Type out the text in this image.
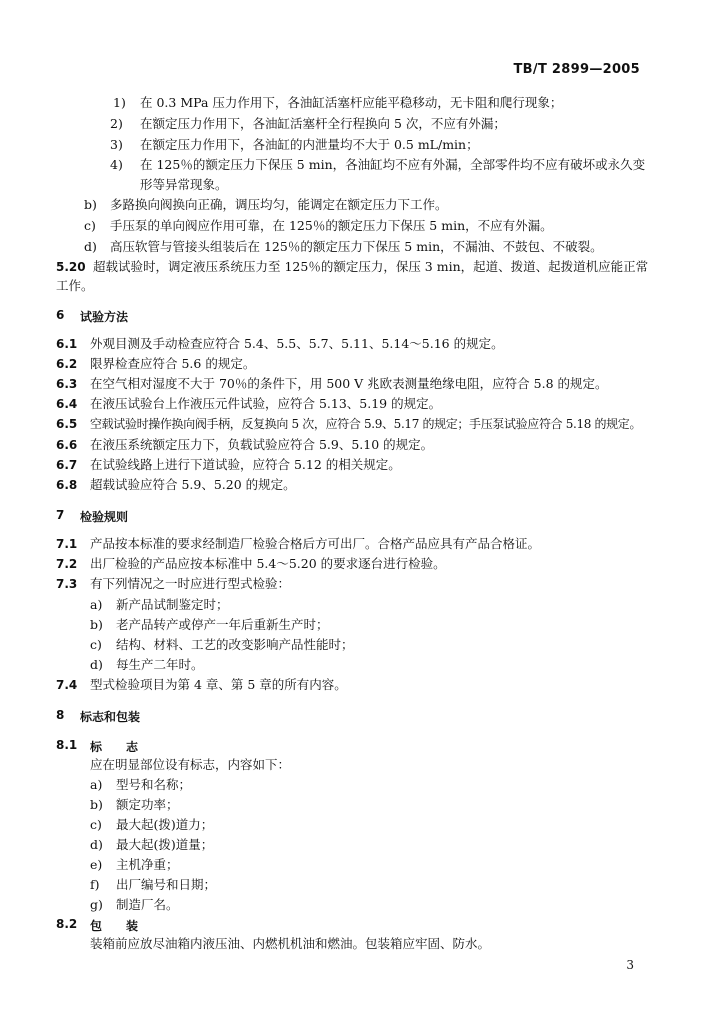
TB/T 2899—2005
1) 在 0.3 MPa 压力作用下，各油缸活塞杆应能平稳移动，无卡阻和爬行现象；
2) 在额定压力作用下，各油缸活塞杆全行程换向 5 次，不应有外漏；
3) 在额定压力作用下，各油缸的内泄量均不大于 0.5 mL/min；
4) 在 125％的额定压力下保压 5 min，各油缸均不应有外漏，全部零件均不应有破坏或永久变
形等异常现象。
b) 多路换向阀换向正确，调压均匀，能调定在额定压力下工作。
c) 手压泵的单向阀应作用可靠，在 125％的额定压力下保压 5 min，不应有外漏。
d) 高压软管与管接头组装后在 125％的额定压力下保压 5 min，不漏油、不鼓包、不破裂。
5.20 超载试验时，调定液压系统压力至 125％的额定压力，保压 3 min，起道、拨道、起拨道机应能正常
工作。
6 试验方法
6.1 外观目测及手动检查应符合 5.4、5.5、5.7、5.11、5.14～5.16 的规定。
6.2 限界检查应符合 5.6 的规定。
6.3 在空气相对湿度不大于 70％的条件下，用 500 V 兆欧表测量绝缘电阻，应符合 5.8 的规定。
6.4 在液压试验台上作液压元件试验，应符合 5.13、5.19 的规定。
6.5 空载试验时操作换向阀手柄，反复换向 5 次，应符合 5.9、5.17 的规定；手压泵试验应符合 5.18 的规定。
6.6 在液压系统额定压力下，负载试验应符合 5.9、5.10 的规定。
6.7 在试验线路上进行下道试验，应符合 5.12 的相关规定。
6.8 超载试验应符合 5.9、5.20 的规定。
7 检验规则
7.1 产品按本标准的要求经制造厂检验合格后方可出厂。合格产品应具有产品合格证。
7.2 出厂检验的产品应按本标准中 5.4～5.20 的要求逐台进行检验。
7.3 有下列情况之一时应进行型式检验：
a) 新产品试制鉴定时；
b) 老产品转产或停产一年后重新生产时；
c) 结构、材料、工艺的改变影响产品性能时；
d) 每生产二年时。
7.4 型式检验项目为第 4 章、第 5 章的所有内容。
8 标志和包装
8.1 标　　志
应在明显部位设有标志，内容如下：
a) 型号和名称；
b) 额定功率；
c) 最大起(拨)道力；
d) 最大起(拨)道量；
e) 主机净重；
f) 出厂编号和日期；
g) 制造厂名。
8.2 包　　装
装箱前应放尽油箱内液压油、内燃机机油和燃油。包装箱应牢固、防水。
3
